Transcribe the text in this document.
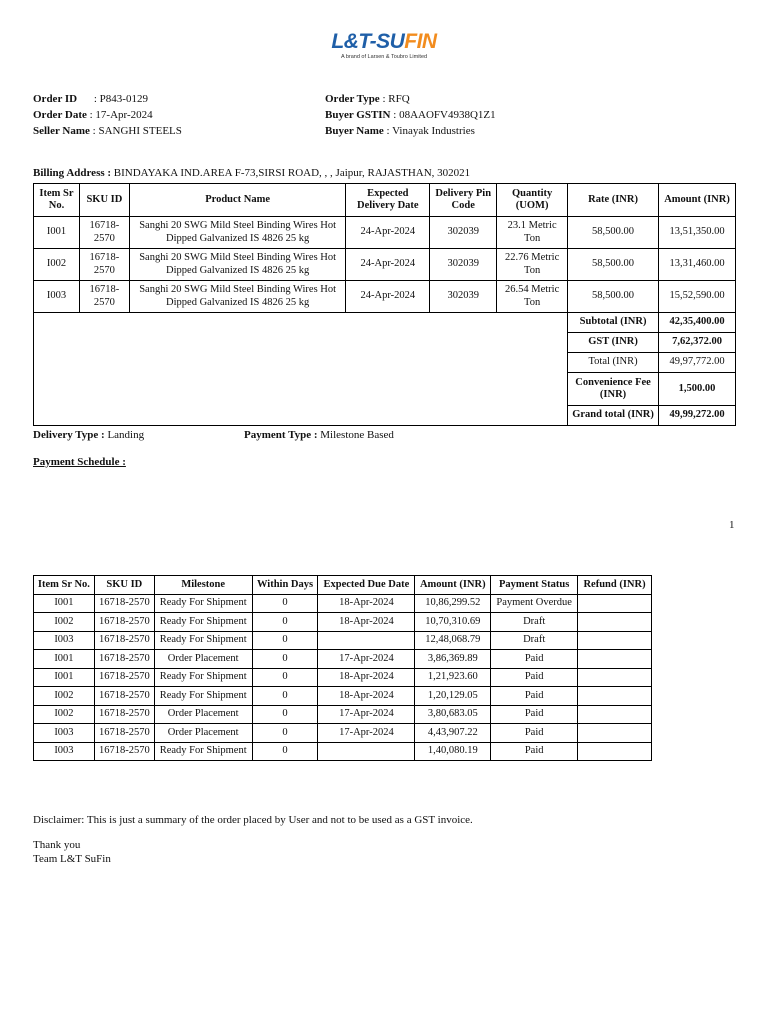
L&T-SUFIN
A brand of Larsen & Toubro Limited
Order ID : P843-0129
Order Date : 17-Apr-2024
Seller Name : SANGHI STEELS
Order Type : RFQ
Buyer GSTIN : 08AAOFV4938Q1Z1
Buyer Name : Vinayak Industries
Billing Address : BINDAYAKA IND.AREA F-73,SIRSI ROAD, , , Jaipur, RAJASTHAN, 302021
Item Sr No.	SKU ID	Product Name	Expected Delivery Date	Delivery Pin Code	Quantity (UOM)	Rate (INR)	Amount (INR)
I001	16718-2570	Sanghi 20 SWG Mild Steel Binding Wires Hot Dipped Galvanized IS 4826 25 kg	24-Apr-2024	302039	23.1 Metric Ton	58,500.00	13,51,350.00
I002	16718-2570	Sanghi 20 SWG Mild Steel Binding Wires Hot Dipped Galvanized IS 4826 25 kg	24-Apr-2024	302039	22.76 Metric Ton	58,500.00	13,31,460.00
I003	16718-2570	Sanghi 20 SWG Mild Steel Binding Wires Hot Dipped Galvanized IS 4826 25 kg	24-Apr-2024	302039	26.54 Metric Ton	58,500.00	15,52,590.00
						Subtotal (INR)	42,35,400.00
						GST (INR)	7,62,372.00
						Total (INR)	49,97,772.00
						Convenience Fee (INR)	1,500.00
						Grand total (INR)	49,99,272.00
Delivery Type : Landing	Payment Type : Milestone Based
Payment Schedule :
1
Item Sr No.	SKU ID	Milestone	Within Days	Expected Due Date	Amount (INR)	Payment Status	Refund (INR)
I001	16718-2570	Ready For Shipment	0	18-Apr-2024	10,86,299.52	Payment Overdue	
I002	16718-2570	Ready For Shipment	0	18-Apr-2024	10,70,310.69	Draft	
I003	16718-2570	Ready For Shipment	0		12,48,068.79	Draft	
I001	16718-2570	Order Placement	0	17-Apr-2024	3,86,369.89	Paid	
I001	16718-2570	Ready For Shipment	0	18-Apr-2024	1,21,923.60	Paid	
I002	16718-2570	Ready For Shipment	0	18-Apr-2024	1,20,129.05	Paid	
I002	16718-2570	Order Placement	0	17-Apr-2024	3,80,683.05	Paid	
I003	16718-2570	Order Placement	0	17-Apr-2024	4,43,907.22	Paid	
I003	16718-2570	Ready For Shipment	0		1,40,080.19	Paid	
Disclaimer: This is just a summary of the order placed by User and not to be used as a GST invoice.
Thank you
Team L&T SuFin
